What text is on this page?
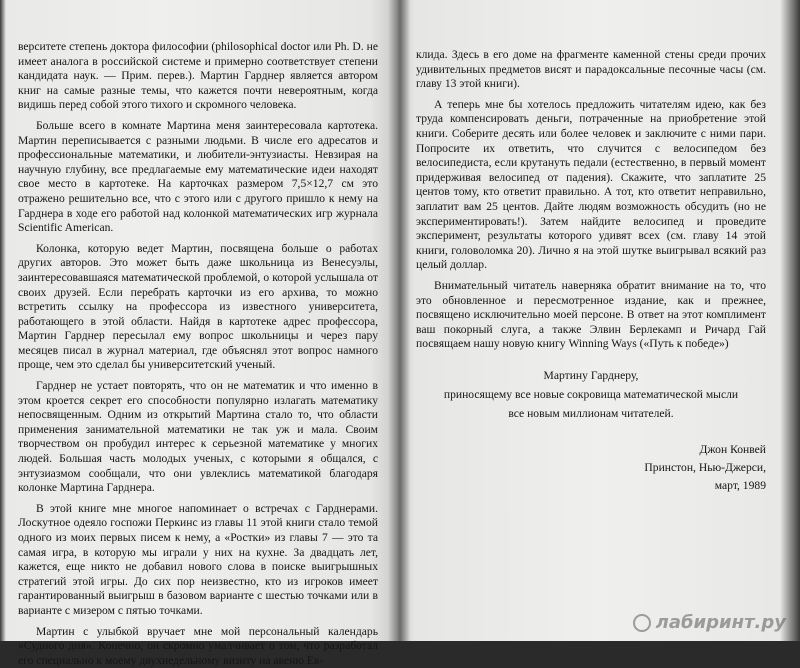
верситете степень доктора философии (philosophical doctor или Ph. D. не имеет аналога в российской системе и примерно соответствует степени кандидата наук. — Прим. перев.). Мартин Гарднер является автором книг на самые разные темы, что кажется почти невероятным, когда видишь перед собой этого тихого и скромного человека.

Больше всего в комнате Мартина меня заинтересовала картотека. Мартин переписывается с разными людьми. В числе его адресатов и профессиональные математики, и любители-энтузиасты. Невзирая на научную глубину, все предлагаемые ему математические идеи находят свое место в картотеке. На карточках размером 7,5×12,7 см это отражено решительно все, что с этого или с другого пришло к нему на Гарднера в ходе его работой над колонкой математических игр журнала Scientific American.

Колонка, которую ведет Мартин, посвящена больше о работах других авторов. Это может быть даже школьница из Венесуэлы, заинтересовавшаяся математической проблемой, о которой услышала от своих друзей. Если перебрать карточки из его архива, то можно встретить ссылку на профессора из известного университета, работающего в этой области. Найдя в картотеке адрес профессора, Мартин Гарднер пересылал ему вопрос школьницы и через пару месяцев писал в журнал материал, где объяснял этот вопрос намного проще, чем это сделал бы университетский ученый.

Гарднер не устает повторять, что он не математик и что именно в этом кроется секрет его способности популярно излагать математику непосвященным. Одним из открытий Мартина стало то, что области применения занимательной математики не так уж и мала. Своим творчеством он пробудил интерес к серьезной математике у многих людей. Большая часть молодых ученых, с которыми я общался, с энтузиазмом сообщали, что они увлеклись математикой благодаря колонке Мартина Гарднера.

В этой книге мне многое напоминает о встречах с Гарднерами. Лоскутное одеяло госпожи Перкинс из главы 11 этой книги стало темой одного из моих первых писем к нему, а «Ростки» из главы 7 — это та самая игра, в которую мы играли у них на кухне. За двадцать лет, кажется, еще никто не добавил нового слова в поиске выигрышных стратегий этой игры. До сих пор неизвестно, кто из игроков имеет гарантированный выигрыш в базовом варианте с шестью точками или в варианте с мизером с пятью точками.

Мартин с улыбкой вручает мне мой персональный календарь «Судного дня». Конечно, он скромно умалчивает о том, что разработал его специально к моему двухнедельному визиту на авеню Ев-

клида. Здесь в его доме на фрагменте каменной стены среди прочих удивительных предметов висят и парадоксальные песочные часы (см. главу 13 этой книги).

А теперь мне бы хотелось предложить читателям идею, как без труда компенсировать деньги, потраченные на приобретение этой книги. Соберите десять или более человек и заключите с ними пари. Попросите их ответить, что случится с велосипедом без велосипедиста, если крутануть педали (естественно, в первый момент придерживая велосипед от падения). Скажите, что заплатите 25 центов тому, кто ответит правильно. А тот, кто ответит неправильно, заплатит вам 25 центов. Дайте людям возможность обсудить (но не экспериментировать!). Затем найдите велосипед и проведите эксперимент, результаты которого удивят всех (см. главу 14 этой книги, головоломка 20). Лично я на этой шутке выигрывал всякий раз целый доллар.

Внимательный читатель наверняка обратит внимание на то, что это обновленное и пересмотренное издание, как и прежнее, посвящено исключительно моей персоне. В ответ на этот комплимент ваш покорный слуга, а также Элвин Берлекамп и Ричард Гай посвящаем нашу новую книгу Winning Ways («Путь к победе»)

Мартину Гарднеру,

приносящему все новые сокровища математической мысли

все новым миллионам читателей.

Джон Конвей

Принстон, Нью-Джерси,

март, 1989

лабиринт.ру
